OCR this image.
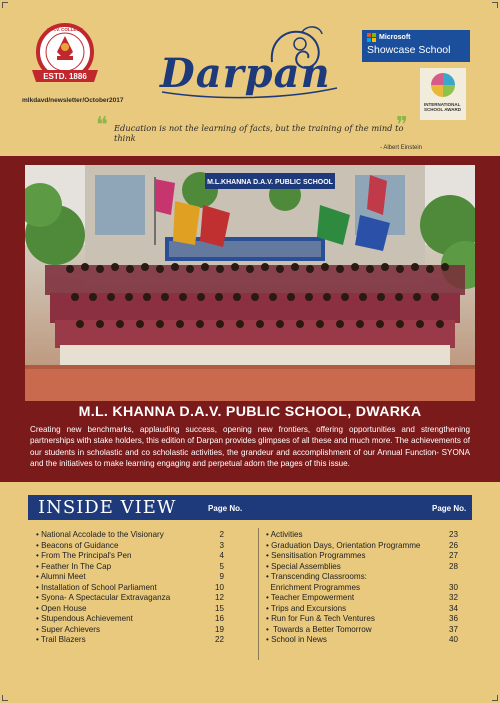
D.A.V. COLLEGE
ESTD. 1886
mlkdavd/newsletter/October2017
Darpan
Microsoft
Showcase School
INTERNATIONAL SCHOOL AWARD
❝ Education is not the learning of facts, but the training of the mind to think	❞
- Albert Einstein
M.L.KHANNA D.A.V. PUBLIC SCHOOL
M.L. KHANNA D.A.V. PUBLIC SCHOOL, DWARKA
Creating new benchmarks, applauding success, opening new frontiers, offering opportunities and strengthening partnerships with stake holders, this edition of Darpan provides glimpses of all these and much more. The achievements of our students in scholastic and co scholastic activities, the grandeur and accomplishment of our Annual Function- SYONA and the initiatives to make learning engaging and perpetual adorn the pages of this issue.
INSIDE VIEW	Page No.	Page No.
• National Accolade to the Visionary	2
• Beacons of Guidance	3
• From The Principal's Pen	4
• Feather In The Cap	5
• Alumni Meet	9
• Installation of School Parliament	10
• Syona- A Spectacular Extravaganza	12
• Open House	15
• Stupendous Achievement	16
• Super Achievers	19
• Trail Blazers	22
• Activities	23
• Graduation Days, Orientation Programme	26
• Sensitisation Programmes	27
• Special Assemblies	28
• Transcending Classrooms:
Enrichment Programmes	30
• Teacher Empowerment	32
• Trips and Excursions	34
• Run for Fun & Tech Ventures	36
•  Towards a Better Tomorrow	37
• School in News	40
